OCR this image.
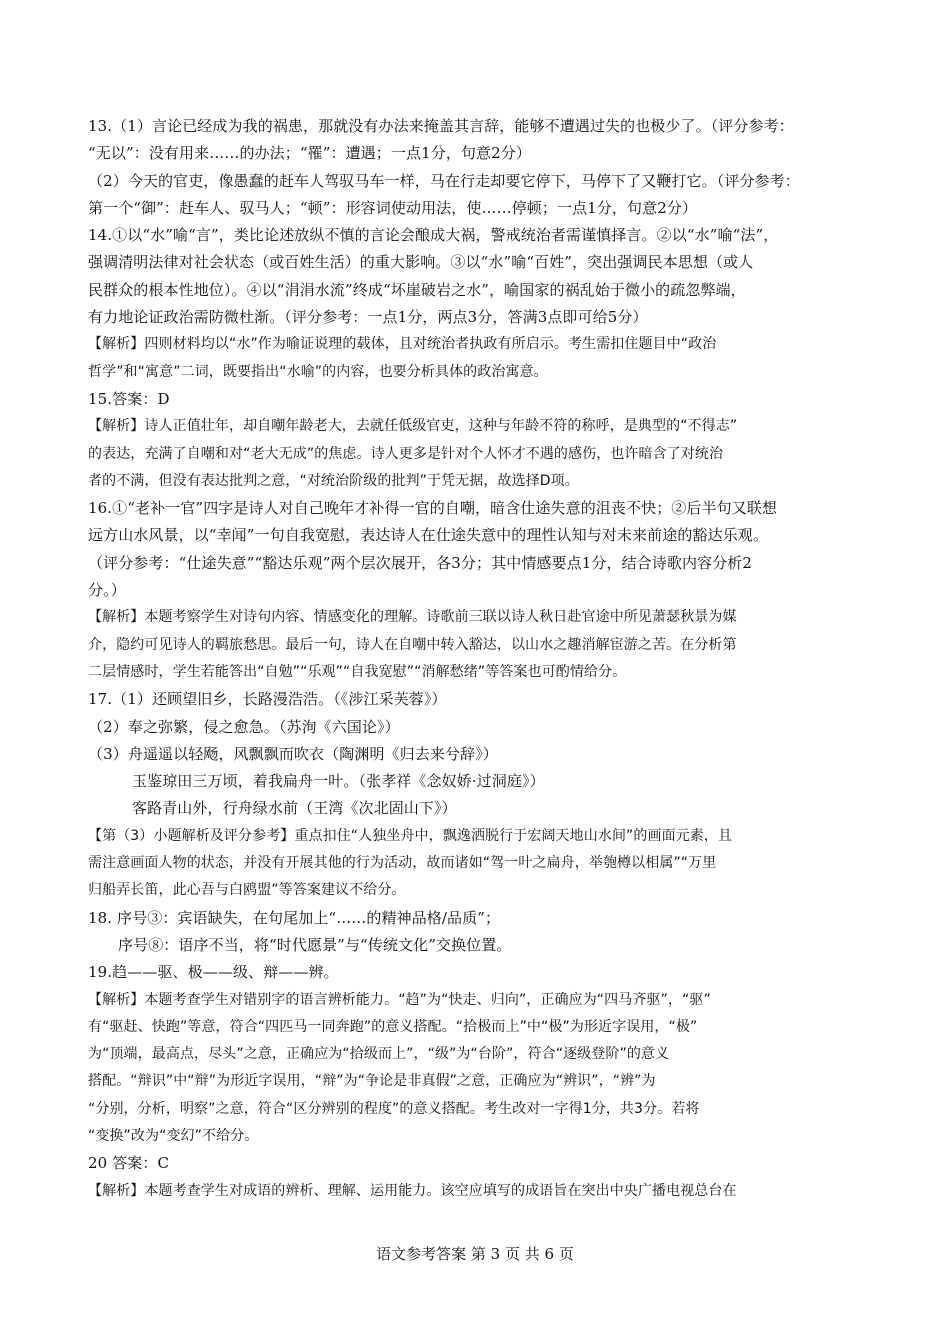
13.（1）言论已经成为我的祸患，那就没有办法来掩盖其言辞，能够不遭遇过失的也极少了。（评分参考：
“无以”：没有用来……的办法；“罹”：遭遇；一点1分，句意2分）
（2）今天的官吏，像愚蠢的赶车人驾驭马车一样，马在行走却要它停下，马停下了又鞭打它。（评分参考：
第一个“御”：赶车人、驭马人；“顿”：形容词使动用法，使……停顿；一点1分，句意2分）
14.①以“水”喻“言”，类比论述放纵不慎的言论会酿成大祸，警戒统治者需谨慎择言。②以“水”喻“法”，
强调清明法律对社会状态（或百姓生活）的重大影响。③以“水”喻“百姓”，突出强调民本思想（或人
民群众的根本性地位）。④以“涓涓水流”终成“坏崖破岩之水”，喻国家的祸乱始于微小的疏忽弊端，
有力地论证政治需防微杜渐。（评分参考：一点1分，两点3分，答满3点即可给5分）
【解析】四则材料均以“水”作为喻证说理的载体，且对统治者执政有所启示。考生需扣住题目中“政治
哲学”和“寓意”二词，既要指出“水喻”的内容，也要分析具体的政治寓意。
15.答案：D
【解析】诗人正值壮年，却自嘲年龄老大，去就任低级官吏，这种与年龄不符的称呼，是典型的“不得志”
的表达，充满了自嘲和对“老大无成”的焦虑。诗人更多是针对个人怀才不遇的感伤，也许暗含了对统治
者的不满，但没有表达批判之意，“对统治阶级的批判”于凭无据，故选择D项。
16.①“老补一官”四字是诗人对自己晚年才补得一官的自嘲，暗含仕途失意的沮丧不快；②后半句又联想
远方山水风景，以“幸闻”一句自我宽慰，表达诗人在仕途失意中的理性认知与对未来前途的豁达乐观。
（评分参考：“仕途失意”“豁达乐观”两个层次展开，各3分；其中情感要点1分，结合诗歌内容分析2
分。）
【解析】本题考察学生对诗句内容、情感变化的理解。诗歌前三联以诗人秋日赴官途中所见萧瑟秋景为媒
介，隐约可见诗人的羁旅愁思。最后一句，诗人在自嘲中转入豁达，以山水之趣消解宦游之苦。在分析第
二层情感时，学生若能答出“自勉”“乐观”“自我宽慰”“消解愁绪”等答案也可酌情给分。
17.（1）还顾望旧乡，长路漫浩浩。（《涉江采芙蓉》）
（2）奉之弥繁，侵之愈急。（苏洵《六国论》）
（3）舟遥遥以轻飏，风飘飘而吹衣（陶渊明《归去来兮辞》）
玉鉴琼田三万顷，着我扁舟一叶。（张孝祥《念奴娇·过洞庭》）
客路青山外，行舟绿水前（王湾《次北固山下》）
【第（3）小题解析及评分参考】重点扣住“人独坐舟中，飘逸洒脱行于宏阔天地山水间”的画面元素，且
需注意画面人物的状态，并没有开展其他的行为活动，故而诸如“驾一叶之扁舟，举匏樽以相属”“万里
归船弄长笛，此心吾与白鸥盟”等答案建议不给分。
18. 序号③：宾语缺失，在句尾加上“……的精神品格/品质”；
序号⑧：语序不当，将“时代愿景”与“传统文化”交换位置。
19.趋——驱、极——级、辩——辨。
【解析】本题考查学生对错别字的语言辨析能力。“趋”为“快走、归向”，正确应为“四马齐驱”，“驱”
有“驱赶、快跑”等意，符合“四匹马一同奔跑”的意义搭配。“拾极而上”中“极”为形近字误用，“极”
为“顶端，最高点，尽头”之意，正确应为“拾级而上”，“级”为“台阶”，符合“逐级登阶”的意义
搭配。“辩识”中“辩”为形近字误用，“辩”为“争论是非真假”之意，正确应为“辨识”，“辨”为
“分别，分析，明察”之意，符合“区分辨别的程度”的意义搭配。考生改对一字得1分，共3分。若将
“变换”改为“变幻”不给分。
20 答案：C
【解析】本题考查学生对成语的辨析、理解、运用能力。该空应填写的成语旨在突出中央广播电视总台在
语文参考答案 第 3 页 共 6 页
